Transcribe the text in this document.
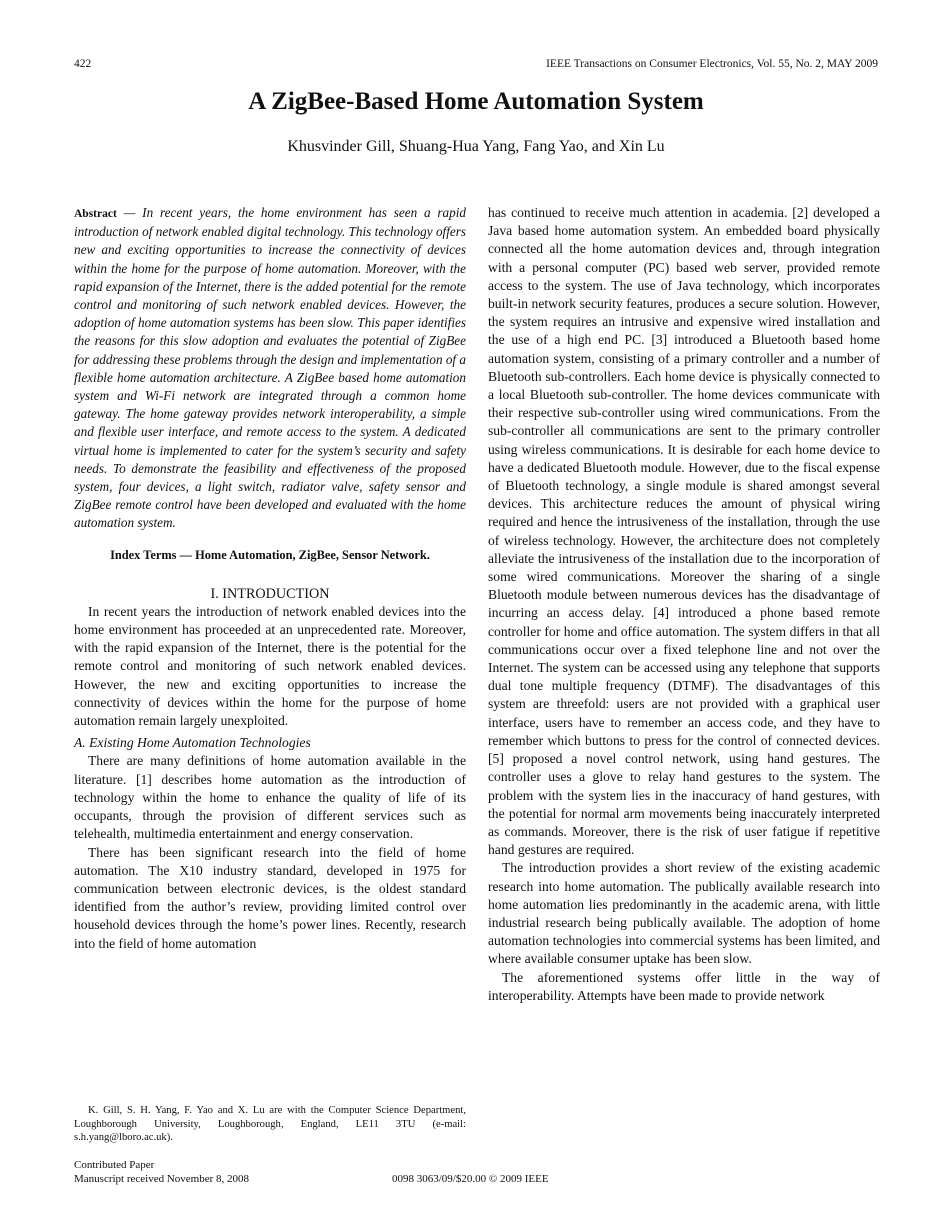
422	IEEE Transactions on Consumer Electronics, Vol. 55, No. 2, MAY 2009
A ZigBee-Based Home Automation System
Khusvinder Gill, Shuang-Hua Yang, Fang Yao, and Xin Lu

Abstract — In recent years, the home environment has seen a rapid introduction of network enabled digital technology. This technology offers new and exciting opportunities to increase the connectivity of devices within the home for the purpose of home automation. Moreover, with the rapid expansion of the Internet, there is the added potential for the remote control and monitoring of such network enabled devices. However, the adoption of home automation systems has been slow. This paper identifies the reasons for this slow adoption and evaluates the potential of ZigBee for addressing these problems through the design and implementation of a flexible home automation architecture. A ZigBee based home automation system and Wi-Fi network are integrated through a common home gateway. The home gateway provides network interoperability, a simple and flexible user interface, and remote access to the system. A dedicated virtual home is implemented to cater for the system’s security and safety needs. To demonstrate the feasibility and effectiveness of the proposed system, four devices, a light switch, radiator valve, safety sensor and ZigBee remote control have been developed and evaluated with the home automation system.

Index Terms — Home Automation, ZigBee, Sensor Network.

I. INTRODUCTION

In recent years the introduction of network enabled devices into the home environment has proceeded at an unprecedented rate. Moreover, with the rapid expansion of the Internet, there is the potential for the remote control and monitoring of such network enabled devices. However, the new and exciting opportunities to increase the connectivity of devices within the home for the purpose of home automation remain largely unexploited.

A. Existing Home Automation Technologies

There are many definitions of home automation available in the literature. [1] describes home automation as the introduction of technology within the home to enhance the quality of life of its occupants, through the provision of different services such as telehealth, multimedia entertainment and energy conservation.

There has been significant research into the field of home automation. The X10 industry standard, developed in 1975 for communication between electronic devices, is the oldest standard identified from the author’s review, providing limited control over household devices through the home’s power lines. Recently, research into the field of home automation

has continued to receive much attention in academia. [2] developed a Java based home automation system. An embedded board physically connected all the home automation devices and, through integration with a personal computer (PC) based web server, provided remote access to the system. The use of Java technology, which incorporates built-in network security features, produces a secure solution. However, the system requires an intrusive and expensive wired installation and the use of a high end PC. [3] introduced a Bluetooth based home automation system, consisting of a primary controller and a number of Bluetooth sub-controllers. Each home device is physically connected to a local Bluetooth sub-controller. The home devices communicate with their respective sub-controller using wired communications. From the sub-controller all communications are sent to the primary controller using wireless communications. It is desirable for each home device to have a dedicated Bluetooth module. However, due to the fiscal expense of Bluetooth technology, a single module is shared amongst several devices. This architecture reduces the amount of physical wiring required and hence the intrusiveness of the installation, through the use of wireless technology. However, the architecture does not completely alleviate the intrusiveness of the installation due to the incorporation of some wired communications. Moreover the sharing of a single Bluetooth module between numerous devices has the disadvantage of incurring an access delay. [4] introduced a phone based remote controller for home and office automation. The system differs in that all communications occur over a fixed telephone line and not over the Internet. The system can be accessed using any telephone that supports dual tone multiple frequency (DTMF). The disadvantages of this system are threefold: users are not provided with a graphical user interface, users have to remember an access code, and they have to remember which buttons to press for the control of connected devices. [5] proposed a novel control network, using hand gestures. The controller uses a glove to relay hand gestures to the system. The problem with the system lies in the inaccuracy of hand gestures, with the potential for normal arm movements being inaccurately interpreted as commands. Moreover, there is the risk of user fatigue if repetitive hand gestures are required.

The introduction provides a short review of the existing academic research into home automation. The publically available research into home automation lies predominantly in the academic arena, with little industrial research being publically available. The adoption of home automation technologies into commercial systems has been limited, and where available consumer uptake has been slow.

The aforementioned systems offer little in the way of interoperability. Attempts have been made to provide network

K. Gill, S. H. Yang, F. Yao and X. Lu are with the Computer Science Department, Loughborough University, Loughborough, England, LE11 3TU (e-mail: s.h.yang@lboro.ac.uk).

Contributed Paper
Manuscript received November 8, 2008	0098 3063/09/$20.00 © 2009 IEEE
